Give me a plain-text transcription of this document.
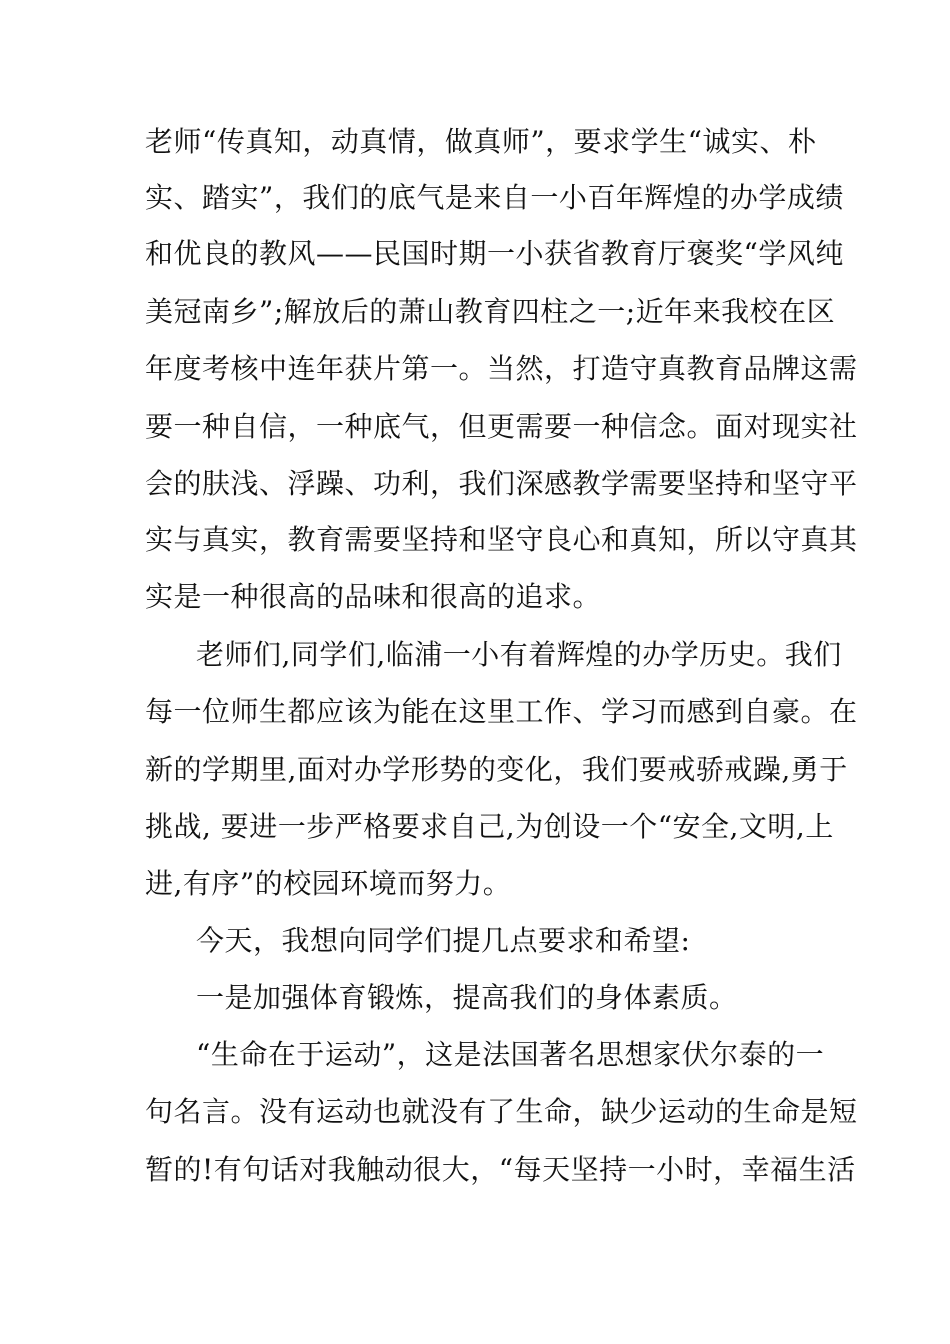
老师“传真知，动真情，做真师”，要求学生“诚实、朴
实、踏实”，我们的底气是来自一小百年辉煌的办学成绩
和优良的教风——民国时期一小获省教育厅褒奖“学风纯
美冠南乡”;解放后的萧山教育四柱之一;近年来我校在区
年度考核中连年获片第一。当然，打造守真教育品牌这需
要一种自信，一种底气，但更需要一种信念。面对现实社
会的肤浅、浮躁、功利，我们深感教学需要坚持和坚守平
实与真实，教育需要坚持和坚守良心和真知，所以守真其
实是一种很高的品味和很高的追求。
老师们,同学们,临浦一小有着辉煌的办学历史。我们
每一位师生都应该为能在这里工作、学习而感到自豪。在
新的学期里,面对办学形势的变化，我们要戒骄戒躁,勇于
挑战, 要进一步严格要求自己,为创设一个“安全,文明,上
进,有序”的校园环境而努力。
今天，我想向同学们提几点要求和希望:
一是加强体育锻炼，提高我们的身体素质。
“生命在于运动”，这是法国著名思想家伏尔泰的一
句名言。没有运动也就没有了生命，缺少运动的生命是短
暂的!有句话对我触动很大，“每天坚持一小时，幸福生活
